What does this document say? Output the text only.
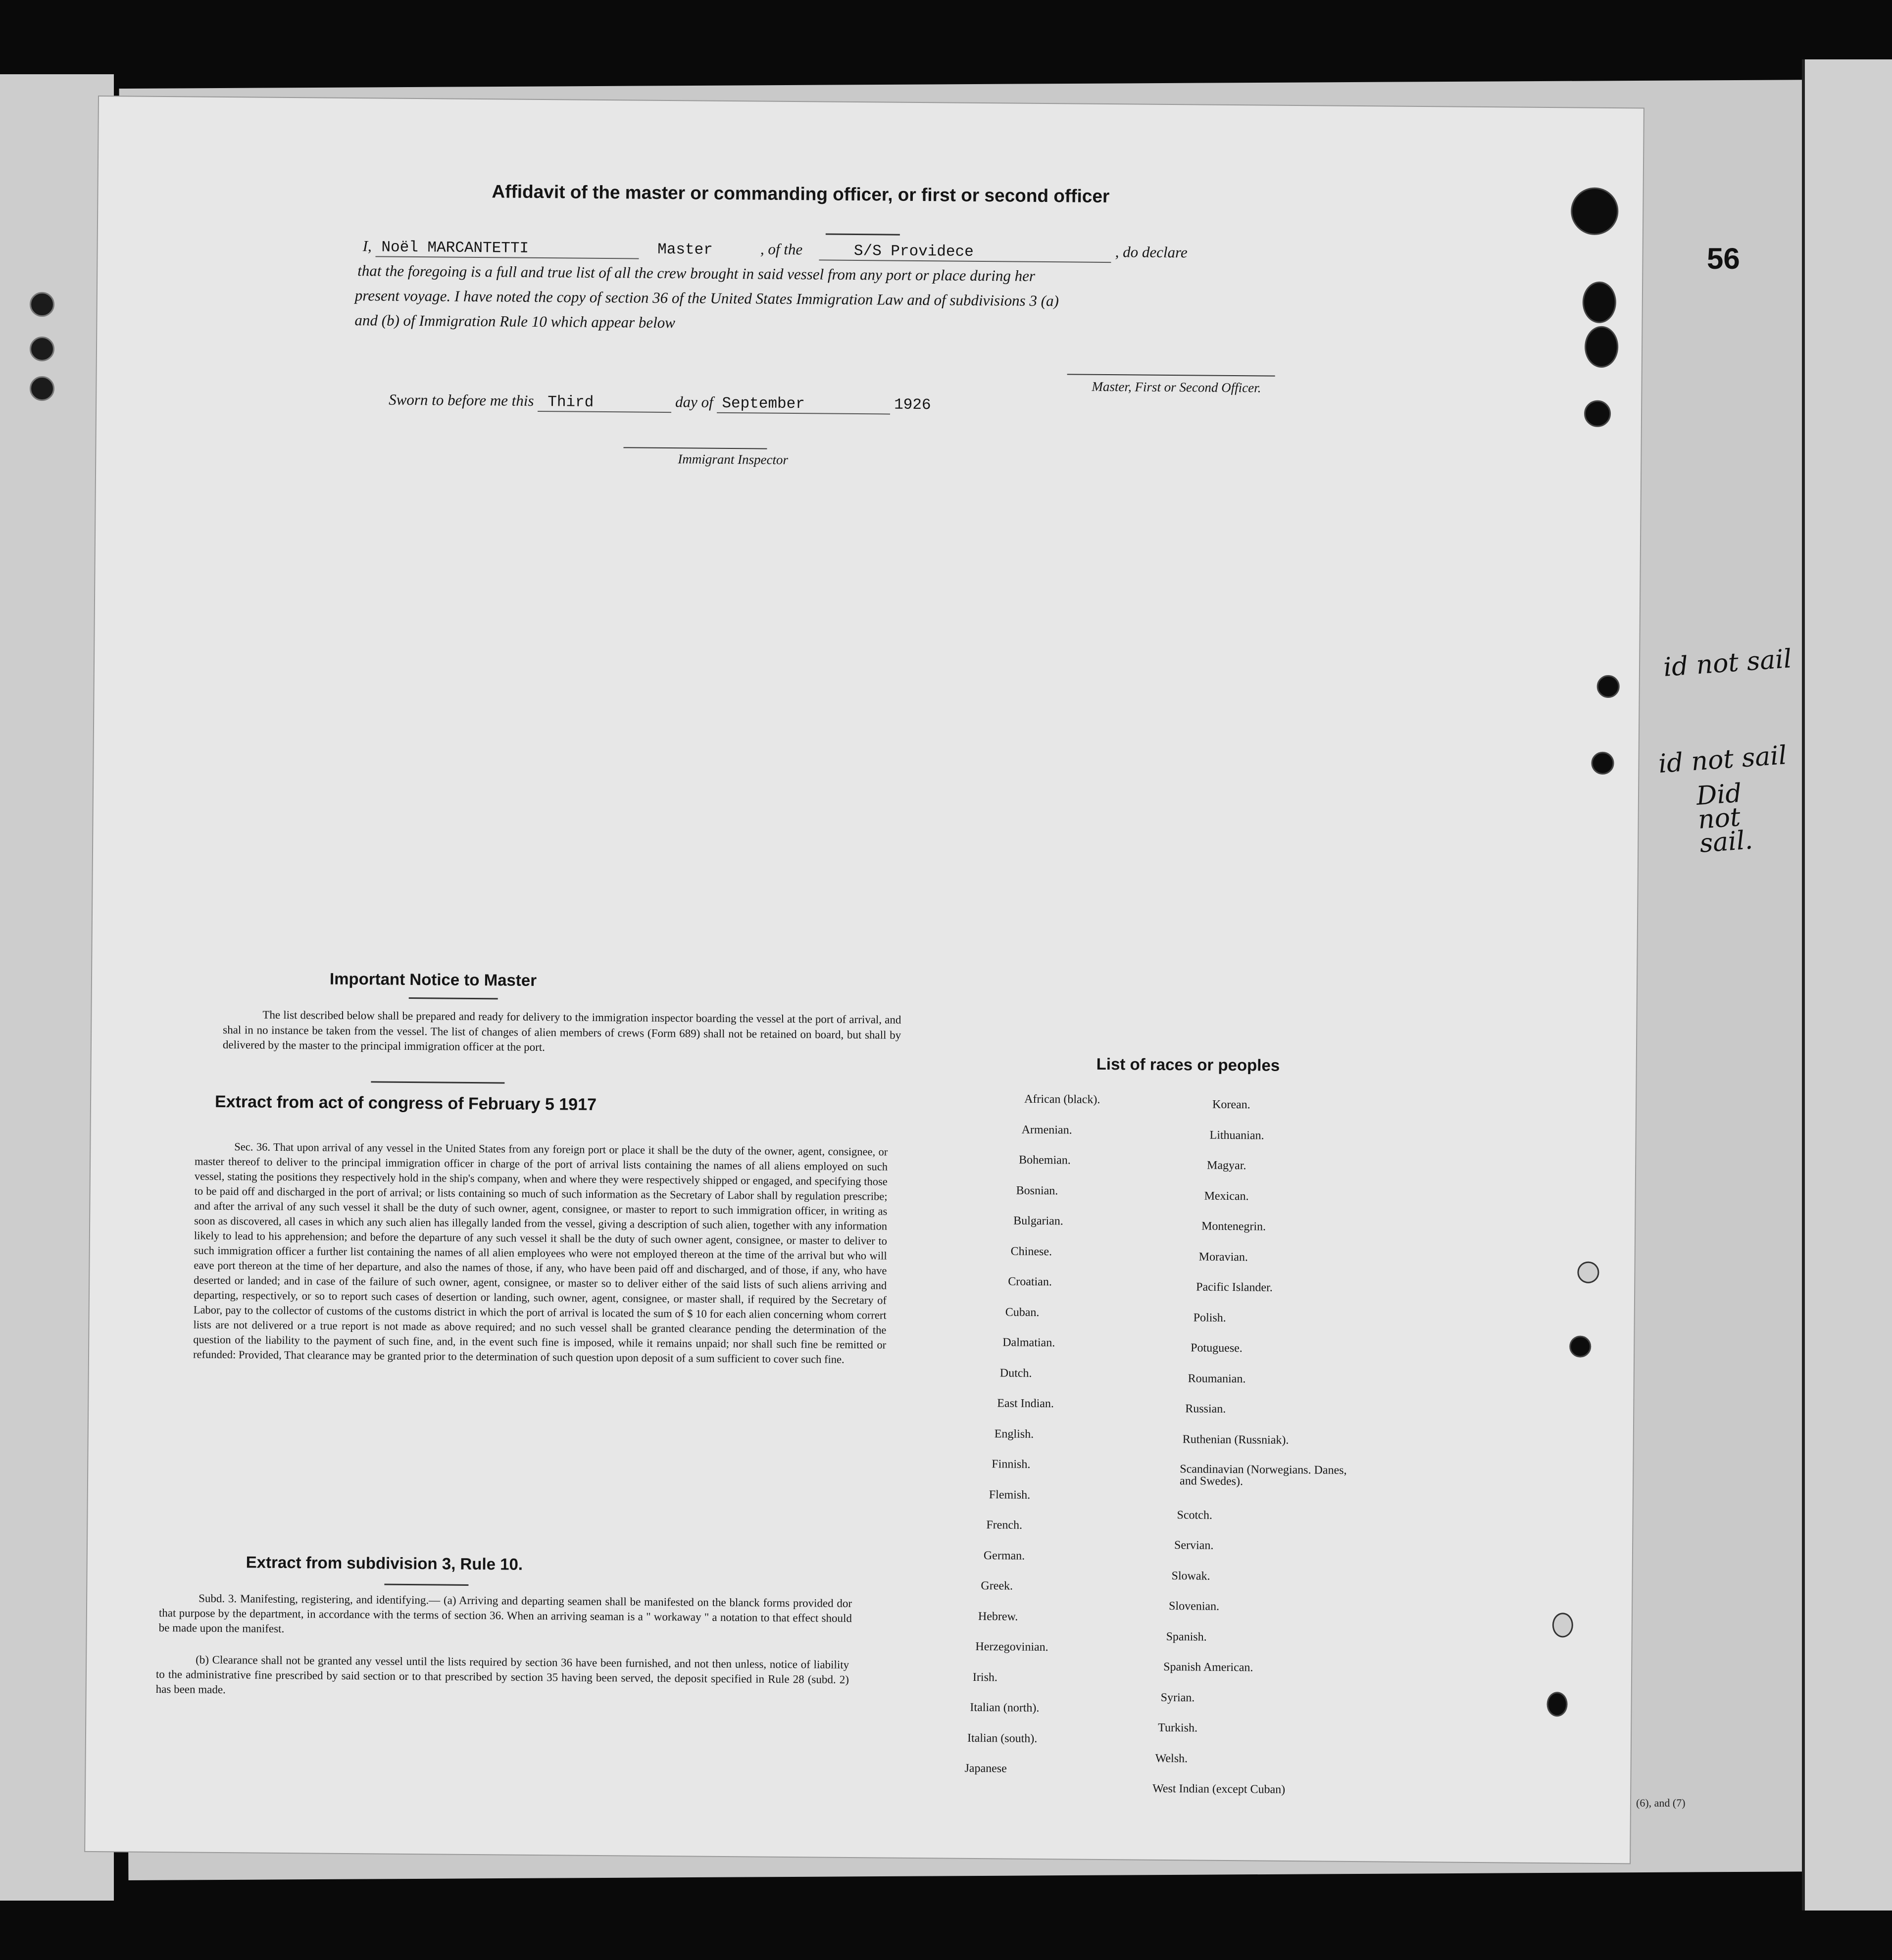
id not sail
id not sail
Did not sail.
(6), and (7)
56
Affidavit of the master or commanding officer, or first or second officer
I, Noël MARCANTETTI	Master	, of the	S/S Providece	, do declare
that the foregoing is a full and true list of all the crew brought in said vessel from any port or place during her
present voyage. I have noted the copy of section 36 of the United States Immigration Law and of subdivisions 3 (a)
and (b) of Immigration Rule 10 which appear below
Sworn to before me this Third	day of September	1926
Master, First or Second Officer.
Immigrant Inspector
Important Notice to Master
The list described below shall be prepared and ready for delivery to the immigration inspector boarding the vessel at the port of arrival, and shal in no instance be taken from the vessel. The list of changes of alien members of crews (Form 689) shall not be retained on board, but shall by delivered by the master to the principal immigration officer at the port.
Extract from act of congress of February 5 1917
Sec. 36. That upon arrival of any vessel in the United States from any foreign port or place it shall be the duty of the owner, agent, consignee, or master thereof to deliver to the principal immigration officer in charge of the port of arrival lists containing the names of all aliens employed on such vessel, stating the positions they respectively hold in the ship's company, when and where they were respectively shipped or engaged, and specifying those to be paid off and discharged in the port of arrival; or lists containing so much of such information as the Secretary of Labor shall by regulation prescribe; and after the arrival of any such vessel it shall be the duty of such owner, agent, consignee, or master to report to such immigration officer, in writing as soon as discovered, all cases in which any such alien has illegally landed from the vessel, giving a description of such alien, together with any information likely to lead to his apprehension; and before the departure of any such vessel it shall be the duty of such owner agent, consignee, or master to deliver to such immigration officer a further list containing the names of all alien employees who were not employed thereon at the time of the arrival but who will eave port thereon at the time of her departure, and also the names of those, if any, who have been paid off and discharged, and of those, if any, who have deserted or landed; and in case of the failure of such owner, agent, consignee, or master so to deliver either of the said lists of such aliens arriving and departing, respectively, or so to report such cases of desertion or landing, such owner, agent, consignee, or master shall, if required by the Secretary of Labor, pay to the collector of customs of the customs district in which the port of arrival is located the sum of $ 10 for each alien concerning whom corrert lists are not delivered or a true report is not made as above required; and no such vessel shall be granted clearance pending the determination of the question of the liability to the payment of such fine, and, in the event such fine is imposed, while it remains unpaid; nor shall such fine be remitted or refunded: Provided, That clearance may be granted prior to the determination of such question upon deposit of a sum sufficient to cover such fine.
Extract from subdivision 3, Rule 10.
Subd. 3. Manifesting, registering, and identifying.— (a) Arriving and departing seamen shall be manifested on the blanck forms provided dor that purpose by the department, in accordance with the terms of section 36. When an arriving seaman is a " workaway " a notation to that effect should be made upon the manifest.
(b) Clearance shall not be granted any vessel until the lists required by section 36 have been furnished, and not then unless, notice of liability to the administrative fine prescribed by said section or to that prescribed by section 35 having been served, the deposit specified in Rule 28 (subd. 2) has been made.
List of races or peoples
African (black).
Armenian.
Bohemian.
Bosnian.
Bulgarian.
Chinese.
Croatian.
Cuban.
Dalmatian.
Dutch.
East Indian.
English.
Finnish.
Flemish.
French.
German.
Greek.
Hebrew.
Herzegovinian.
Irish.
Italian (north).
Italian (south).
Japanese
Korean.
Lithuanian.
Magyar.
Mexican.
Montenegrin.
Moravian.
Pacific Islander.
Polish.
Potuguese.
Roumanian.
Russian.
Ruthenian (Russniak).
Scandinavian (Norwegians. Danes, and Swedes).
Scotch.
Servian.
Slowak.
Slovenian.
Spanish.
Spanish American.
Syrian.
Turkish.
Welsh.
West Indian (except Cuban)
